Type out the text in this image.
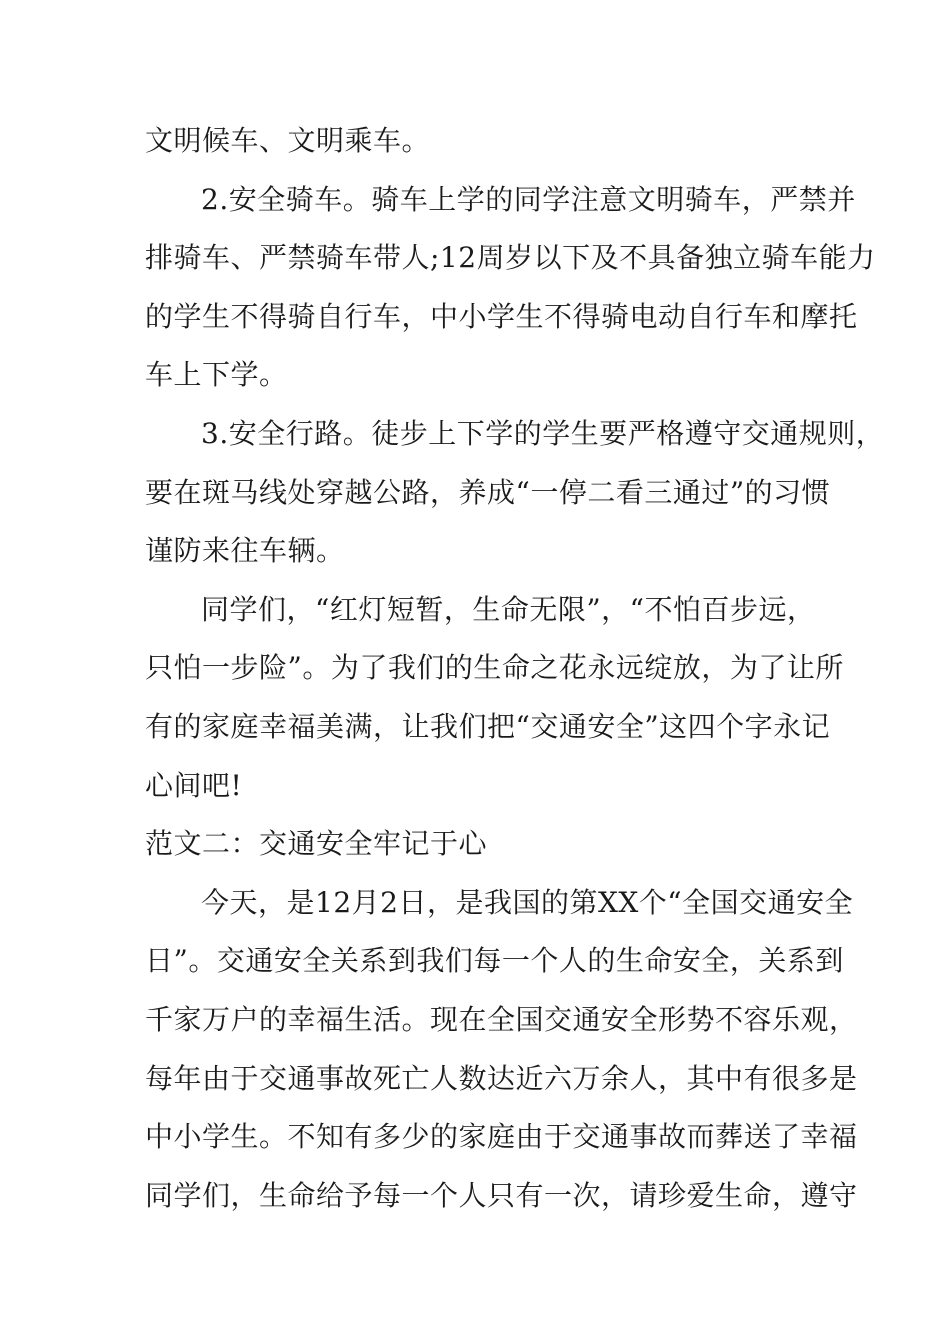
文明候车、文明乘车。
2.安全骑车。骑车上学的同学注意文明骑车，严禁并
排骑车、严禁骑车带人;12周岁以下及不具备独立骑车能力
的学生不得骑自行车，中小学生不得骑电动自行车和摩托
车上下学。
3.安全行路。徒步上下学的学生要严格遵守交通规则，
要在斑马线处穿越公路，养成“一停二看三通过”的习惯
谨防来往车辆。
同学们，“红灯短暂，生命无限”，“不怕百步远，
只怕一步险”。为了我们的生命之花永远绽放，为了让所
有的家庭幸福美满，让我们把“交通安全”这四个字永记
心间吧!
范文二：交通安全牢记于心
今天，是12月2日，是我国的第XX个“全国交通安全
日”。交通安全关系到我们每一个人的生命安全，关系到
千家万户的幸福生活。现在全国交通安全形势不容乐观，
每年由于交通事故死亡人数达近六万余人，其中有很多是
中小学生。不知有多少的家庭由于交通事故而葬送了幸福
同学们，生命给予每一个人只有一次，请珍爱生命，遵守
